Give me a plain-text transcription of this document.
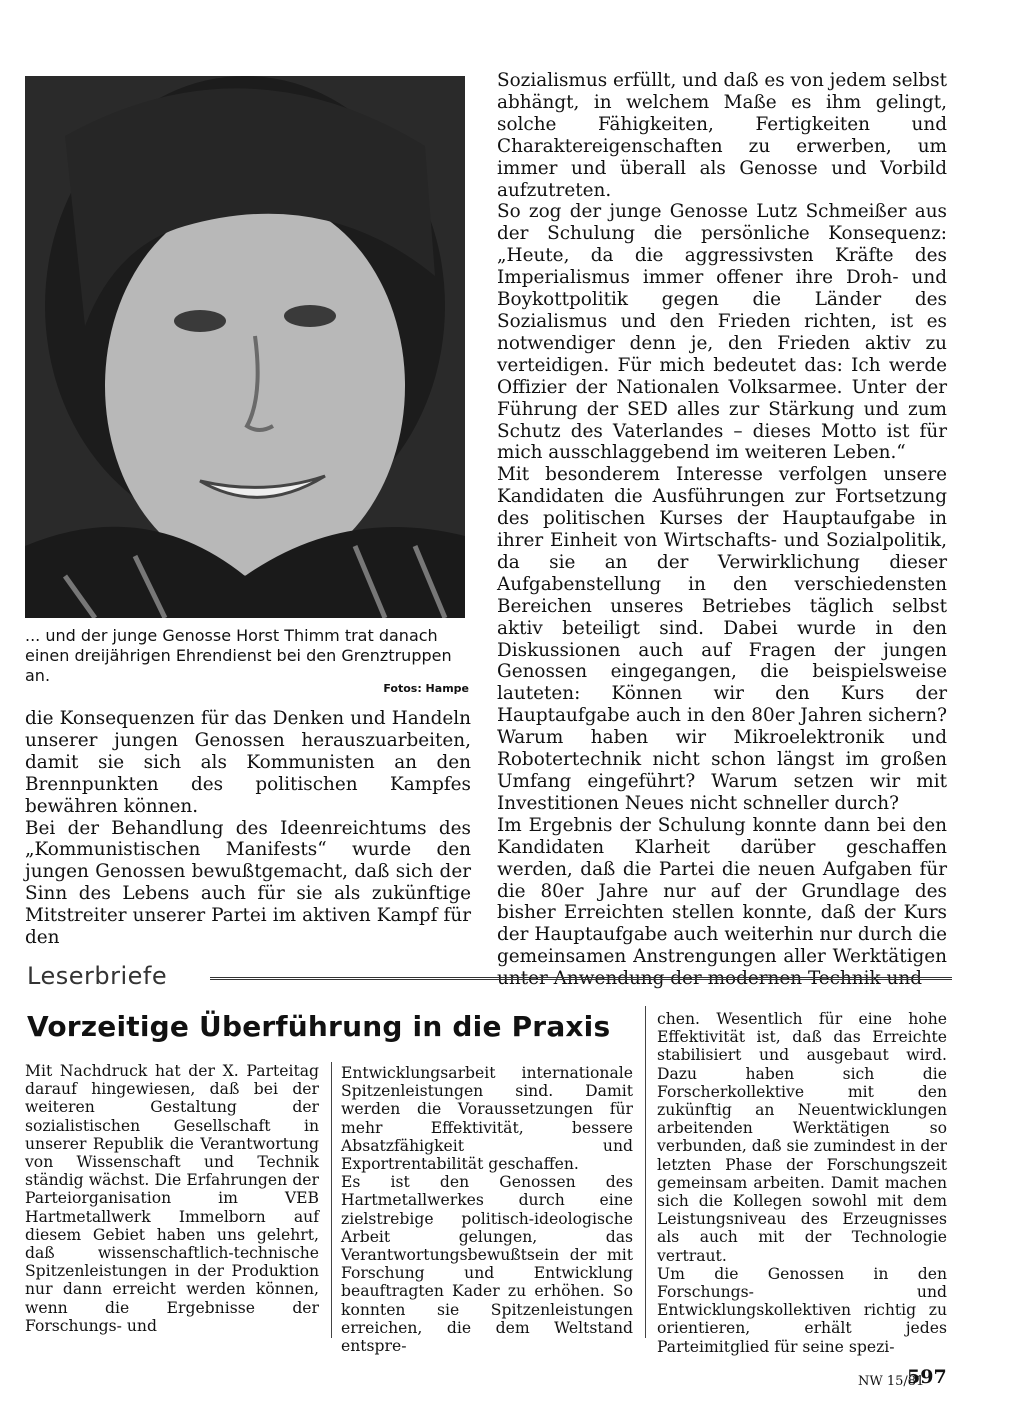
... und der junge Genosse Horst Thimm trat danach einen dreijährigen Ehrendienst bei den Grenztruppen an.
Fotos: Hampe

die Konsequenzen für das Denken und Handeln unserer jungen Genossen herauszuarbeiten, damit sie sich als Kommunisten an den Brennpunkten des politischen Kampfes bewähren können.

Bei der Behandlung des Ideenreichtums des „Kommunistischen Manifests“ wurde den jungen Genossen bewußtgemacht, daß sich der Sinn des Lebens auch für sie als zukünftige Mitstreiter unserer Partei im aktiven Kampf für den

Sozialismus erfüllt, und daß es von jedem selbst abhängt, in welchem Maße es ihm gelingt, solche Fähigkeiten, Fertigkeiten und Charaktereigenschaften zu erwerben, um immer und überall als Genosse und Vorbild aufzutreten.

So zog der junge Genosse Lutz Schmeißer aus der Schulung die persönliche Konsequenz: „Heute, da die aggressivsten Kräfte des Imperialismus immer offener ihre Droh- und Boykottpolitik gegen die Länder des Sozialismus und den Frieden richten, ist es notwendiger denn je, den Frieden aktiv zu verteidigen. Für mich bedeutet das: Ich werde Offizier der Nationalen Volksarmee. Unter der Führung der SED alles zur Stärkung und zum Schutz des Vaterlandes – dieses Motto ist für mich ausschlaggebend im weiteren Leben.“

Mit besonderem Interesse verfolgen unsere Kandidaten die Ausführungen zur Fortsetzung des politischen Kurses der Hauptaufgabe in ihrer Einheit von Wirtschafts- und Sozialpolitik, da sie an der Verwirklichung dieser Aufgabenstellung in den verschiedensten Bereichen unseres Betriebes täglich selbst aktiv beteiligt sind. Dabei wurde in den Diskussionen auch auf Fragen der jungen Genossen eingegangen, die beispielsweise lauteten: Können wir den Kurs der Hauptaufgabe auch in den 80er Jahren sichern? Warum haben wir Mikroelektronik und Robotertechnik nicht schon längst im großen Umfang eingeführt? Warum setzen wir mit Investitionen Neues nicht schneller durch?

Im Ergebnis der Schulung konnte dann bei den Kandidaten Klarheit darüber geschaffen werden, daß die Partei die neuen Aufgaben für die 80er Jahre nur auf der Grundlage des bisher Erreichten stellen konnte, daß der Kurs der Hauptaufgabe auch weiterhin nur durch die gemeinsamen Anstrengungen aller Werktätigen unter Anwendung der modernen Technik und

Leserbriefe
Vorzeitige Überführung in die Praxis

Mit Nachdruck hat der X. Parteitag darauf hingewiesen, daß bei der weiteren Gestaltung der sozialistischen Gesellschaft in unserer Republik die Verantwortung von Wissenschaft und Technik ständig wächst. Die Erfahrungen der Parteiorganisation im VEB Hartmetallwerk Immelborn auf diesem Gebiet haben uns gelehrt, daß wissenschaftlich-technische Spitzenleistungen in der Produktion nur dann erreicht werden können, wenn die Ergebnisse der Forschungs- und

Entwicklungsarbeit internationale Spitzenleistungen sind. Damit werden die Voraussetzungen für mehr Effektivität, bessere Absatzfähigkeit und Exportrentabilität geschaffen.

Es ist den Genossen des Hartmetallwerkes durch eine zielstrebige politisch-ideologische Arbeit gelungen, das Verantwortungsbewußtsein der mit Forschung und Entwicklung beauftragten Kader zu erhöhen. So konnten sie Spitzenleistungen erreichen, die dem Weltstand entspre-

chen. Wesentlich für eine hohe Effektivität ist, daß das Erreichte stabilisiert und ausgebaut wird. Dazu haben sich die Forscherkollektive mit den zukünftig an Neuentwicklungen arbeitenden Werktätigen so verbunden, daß sie zumindest in der letzten Phase der Forschungszeit gemeinsam arbeiten. Damit machen sich die Kollegen sowohl mit dem Leistungsniveau des Erzeugnisses als auch mit der Technologie vertraut.

Um die Genossen in den Forschungs- und Entwicklungskollektiven richtig zu orientieren, erhält jedes Parteimitglied für seine spezi-

NW 15/81
597
